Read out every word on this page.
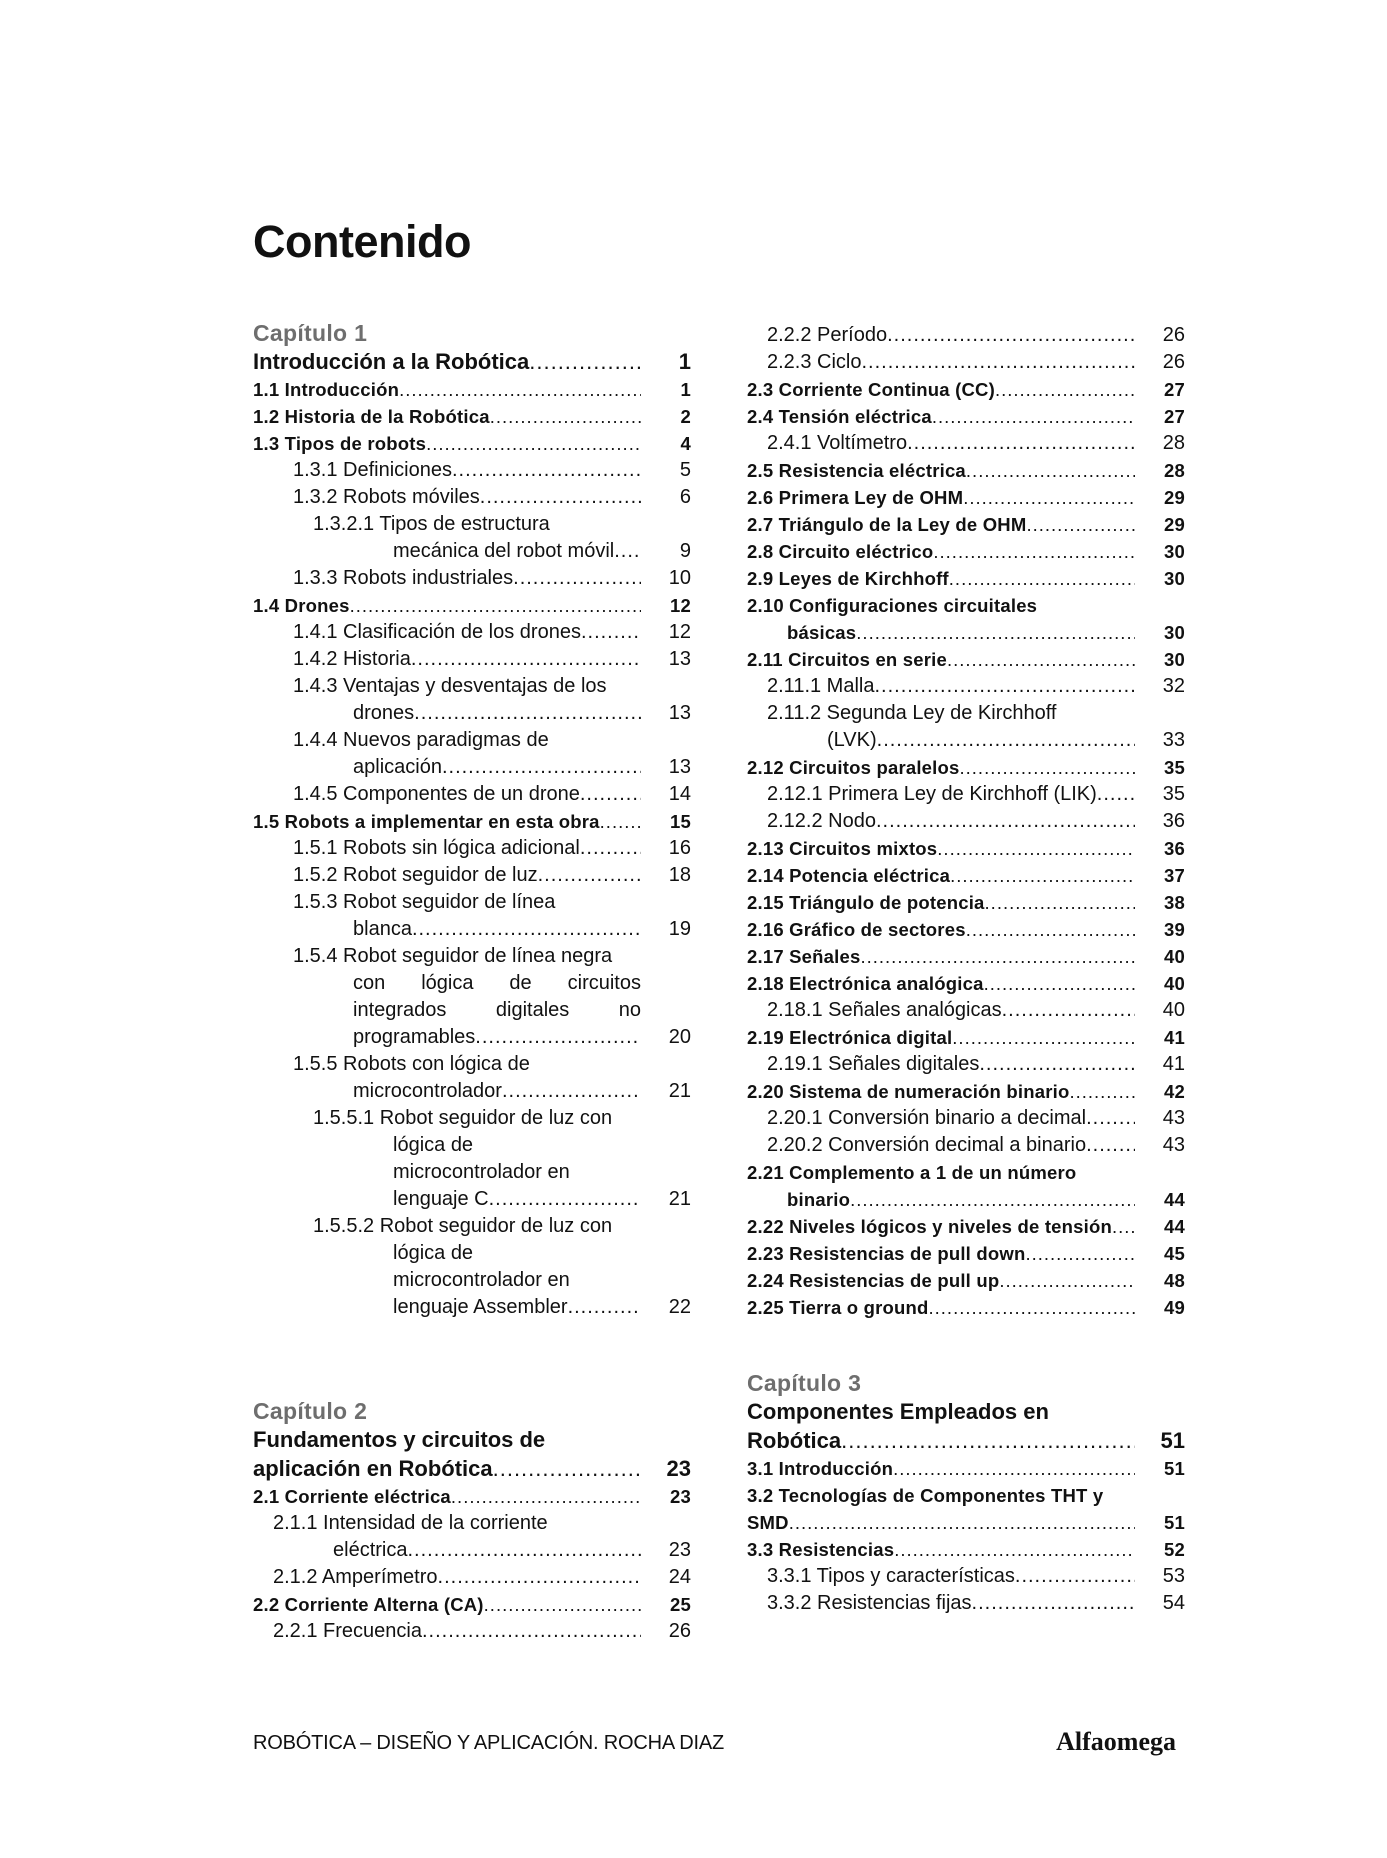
Contenido
Capítulo 1
Introducción a la Robótica .....	1
1.1 Introducción .....	1
1.2 Historia de la Robótica .....	2
1.3 Tipos de robots .....	4
1.3.1 Definiciones .....	5
1.3.2 Robots móviles .....	6
1.3.2.1 Tipos de estructura
mecánica del robot móvil .....	9
1.3.3 Robots industriales .....	10
1.4 Drones .....	12
1.4.1 Clasificación de los drones .....	12
1.4.2 Historia .....	13
1.4.3 Ventajas y desventajas de los
drones .....	13
1.4.4 Nuevos paradigmas de
aplicación .....	13
1.4.5 Componentes de un drone .....	14
1.5 Robots a implementar en esta obra .....	15
1.5.1 Robots sin lógica adicional .....	16
1.5.2 Robot seguidor de luz .....	18
1.5.3 Robot seguidor de línea
blanca .....	19
1.5.4 Robot seguidor de línea negra
con lógica de circuitos
integrados digitales no
programables .....	20
1.5.5 Robots con lógica de
microcontrolador .....	21
1.5.5.1 Robot seguidor de luz con
lógica de
microcontrolador en
lenguaje C .....	21
1.5.5.2 Robot seguidor de luz con
lógica de
microcontrolador en
lenguaje Assembler .....	22
Capítulo 2
Fundamentos y circuitos de
aplicación en Robótica .....	23
2.1 Corriente eléctrica .....	23
2.1.1 Intensidad de la corriente
eléctrica .....	23
2.1.2 Amperímetro .....	24
2.2 Corriente Alterna (CA) .....	25
2.2.1 Frecuencia .....	26
2.2.2 Período .....	26
2.2.3 Ciclo .....	26
2.3 Corriente Continua (CC) .....	27
2.4 Tensión eléctrica .....	27
2.4.1 Voltímetro .....	28
2.5 Resistencia eléctrica .....	28
2.6 Primera Ley de OHM .....	29
2.7 Triángulo de la Ley de OHM .....	29
2.8 Circuito eléctrico .....	30
2.9 Leyes de Kirchhoff .....	30
2.10 Configuraciones circuitales
básicas .....	30
2.11 Circuitos en serie .....	30
2.11.1 Malla .....	32
2.11.2 Segunda Ley de Kirchhoff
(LVK) .....	33
2.12 Circuitos paralelos .....	35
2.12.1 Primera Ley de Kirchhoff (LIK) .....	35
2.12.2 Nodo .....	36
2.13 Circuitos mixtos .....	36
2.14 Potencia eléctrica .....	37
2.15 Triángulo de potencia .....	38
2.16 Gráfico de sectores .....	39
2.17 Señales .....	40
2.18 Electrónica analógica .....	40
2.18.1 Señales analógicas .....	40
2.19 Electrónica digital .....	41
2.19.1 Señales digitales .....	41
2.20 Sistema de numeración binario .....	42
2.20.1 Conversión binario a decimal .....	43
2.20.2 Conversión decimal a binario .....	43
2.21 Complemento a 1 de un número
binario .....	44
2.22 Niveles lógicos y niveles de tensión .....	44
2.23 Resistencias de pull down .....	45
2.24 Resistencias de pull up .....	48
2.25 Tierra o ground .....	49
Capítulo 3
Componentes Empleados en
Robótica .....	51
3.1 Introducción .....	51
3.2 Tecnologías de Componentes THT y
SMD .....	51
3.3 Resistencias .....	52
3.3.1 Tipos y características .....	53
3.3.2 Resistencias fijas .....	54
ROBÓTICA – DISEÑO Y APLICACIÓN. ROCHA DIAZ	Alfaomega
